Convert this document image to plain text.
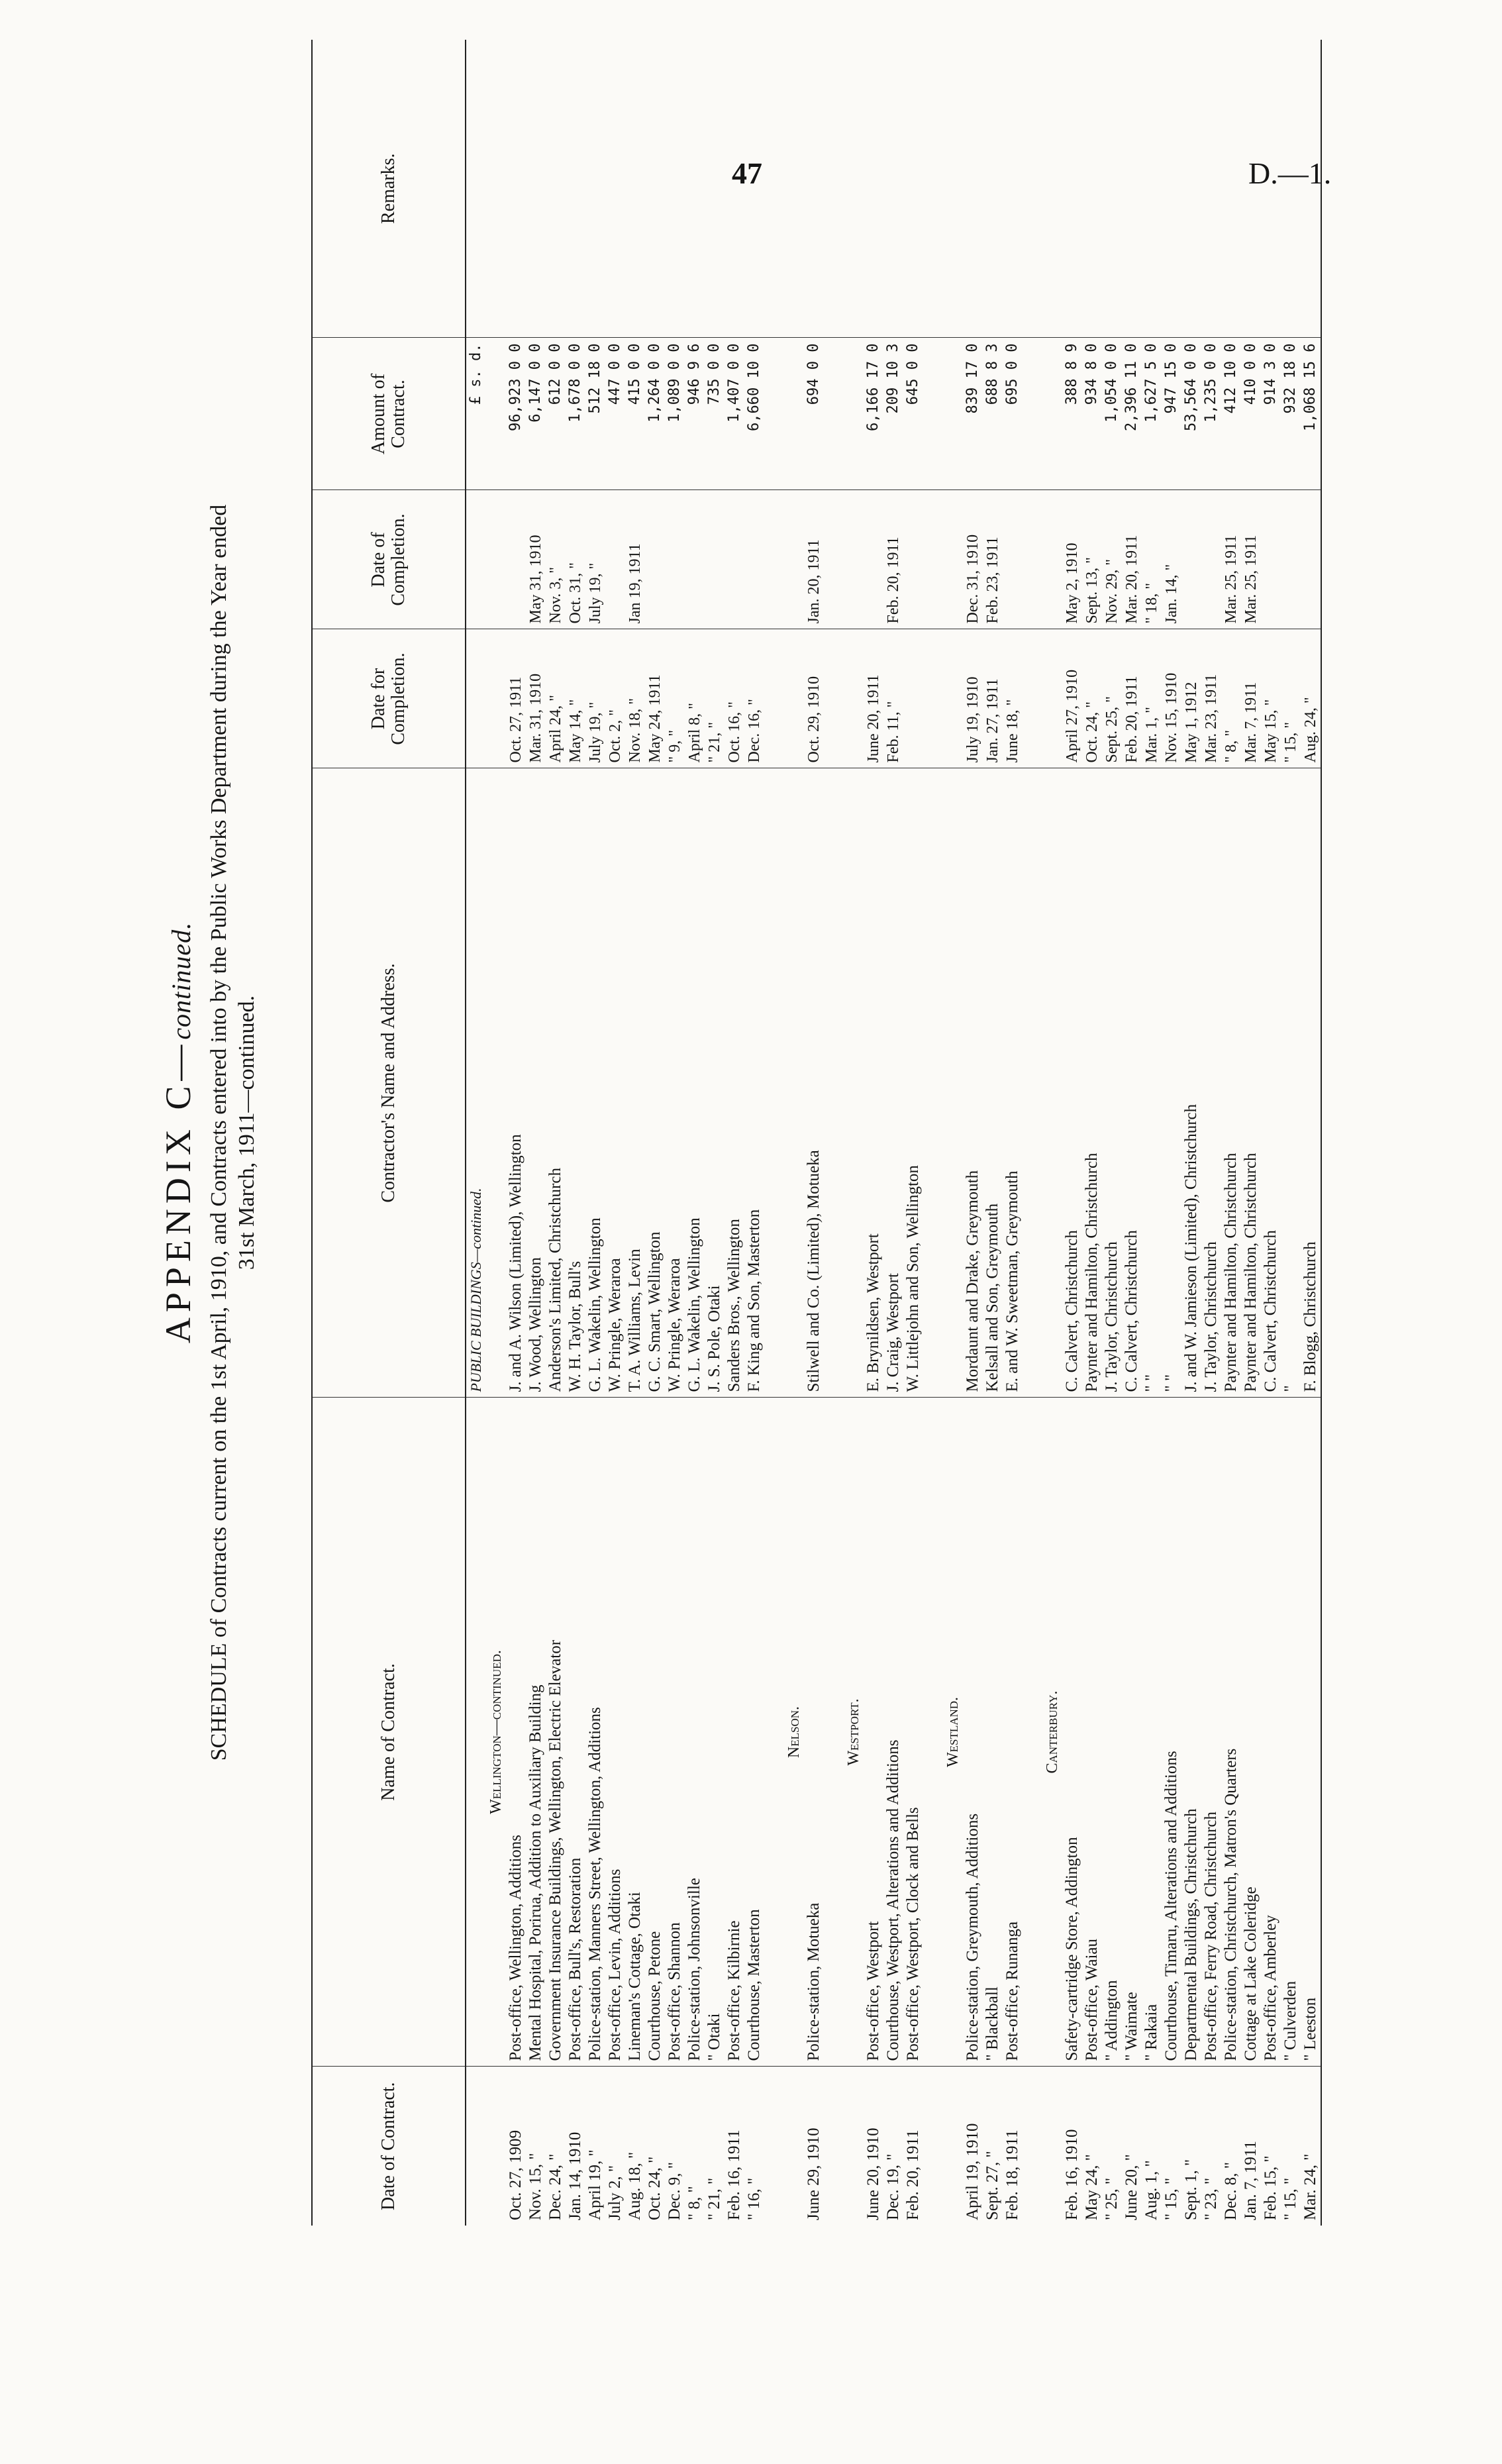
47	D.—1.
APPENDIX C—continued. SCHEDULE of Contracts current on the 1st April, 1910, and Contracts entered into by the Public Works Department during the Year ended 31st March, 1911—continued.
Date of Contract.	Name of Contract.	Contractor's Name and Address.	Date for Completion.	Date of Completion.	Amount of Contract.	Remarks.
		PUBLIC BUILDINGS—continued.			£ s. d.	
	Wellington—continued.					
Oct. 27, 1909	Post-office, Wellington, Additions	J. and A. Wilson (Limited), Wellington	Oct. 27, 1911		96,923 0 0	
Nov. 15, "	Mental Hospital, Porirua, Addition to Auxiliary Building	J. Wood, Wellington	Mar. 31, 1910	May 31, 1910	6,147 0 0	
Dec. 24, "	Government Insurance Buildings, Wellington, Electric Elevator	Anderson's Limited, Christchurch	April 24, "	Nov. 3, "	612 0 0	
Jan. 14, 1910	Post-office, Bull's, Restoration	W. H. Taylor, Bull's	May 14, "	Oct. 31, "	1,678 0 0	
April 19, "	Police-station, Manners Street, Wellington, Additions	G. L. Wakelin, Wellington	July 19, "	July 19, "	512 18 0	
July 2, "	Post-office, Levin, Additions	W. Pringle, Weraroa	Oct. 2, "		447 0 0	
Aug. 18, "	Lineman's Cottage, Otaki	T. A. Williams, Levin	Nov. 18, "	Jan 19, 1911	415 0 0	
Oct. 24, "	Courthouse, Petone	G. C. Smart, Wellington	May 24, 1911		1,264 0 0	
Dec. 9, "	Post-office, Shannon	W. Pringle, Weraroa	" 9, "		1,089 0 0	
" 8, "	Police-station, Johnsonville	G. L. Wakelin, Wellington	April 8, "		946 9 6	
" 21, "	" Otaki	J. S. Pole, Otaki	" 21, "		735 0 0	
Feb. 16, 1911	Post-office, Kilbirnie	Sanders Bros., Wellington	Oct. 16, "		1,407 0 0	
" 16, "	Courthouse, Masterton	F. King and Son, Masterton	Dec. 16, "		6,660 10 0	

	Nelson.					
June 29, 1910	Police-station, Motueka	Stilwell and Co. (Limited), Motueka	Oct. 29, 1910	Jan. 20, 1911	694 0 0	

	Westport.					
June 20, 1910	Post-office, Westport	E. Brynildsen, Westport	June 20, 1911		6,166 17 0	
Dec. 19, "	Courthouse, Westport, Alterations and Additions	J. Craig, Westport	Feb. 11, "	Feb. 20, 1911	209 10 3	
Feb. 20, 1911	Post-office, Westport, Clock and Bells	W. Littlejohn and Son, Wellington			645 0 0	

	Westland.					
April 19, 1910	Police-station, Greymouth, Additions	Mordaunt and Drake, Greymouth	July 19, 1910	Dec. 31, 1910	839 17 0	
Sept. 27, "	" Blackball	Kelsall and Son, Greymouth	Jan. 27, 1911	Feb. 23, 1911	688 8 3	
Feb. 18, 1911	Post-office, Runanga	E. and W. Sweetman, Greymouth	June 18, "		695 0 0	

	Canterbury.					
Feb. 16, 1910	Safety-cartridge Store, Addington	C. Calvert, Christchurch	April 27, 1910	May 2, 1910	388 8 9	
May 24, "	Post-office, Waiau	Paynter and Hamilton, Christchurch	Oct. 24, "	Sept. 13, "	934 8 0	
" 25, "	" Addington	J. Taylor, Christchurch	Sept. 25, "	Nov. 29, "	1,054 0 0	
June 20, "	" Waimate	C. Calvert, Christchurch	Feb. 20, 1911	Mar. 20, 1911	2,396 11 0	
Aug. 1, "	" Rakaia	" "	Mar. 1, "	" 18, "	1,627 5 0	
" 15, "	Courthouse, Timaru, Alterations and Additions	" "	Nov. 15, 1910	Jan. 14, "	947 15 0	
Sept. 1, "	Departmental Buildings, Christchurch	J. and W. Jamieson (Limited), Christchurch	May 1, 1912		53,564 0 0	
" 23, "	Post-office, Ferry Road, Christchurch	J. Taylor, Christchurch	Mar. 23, 1911		1,235 0 0	
Dec. 8, "	Police-station, Christchurch, Matron's Quarters	Paynter and Hamilton, Christchurch	" 8, "	Mar. 25, 1911	412 10 0	
Jan. 7, 1911	Cottage at Lake Coleridge	Paynter and Hamilton, Christchurch	Mar. 7, 1911	Mar. 25, 1911	410 0 0	
Feb. 15, "	Post-office, Amberley	C. Calvert, Christchurch	May 15, "		914 3 0	
" 15, "	" Culverden	"	" 15, "		932 18 0	
Mar. 24, "	" Leeston	F. Blogg, Christchurch	Aug. 24, "		1,068 15 6	
